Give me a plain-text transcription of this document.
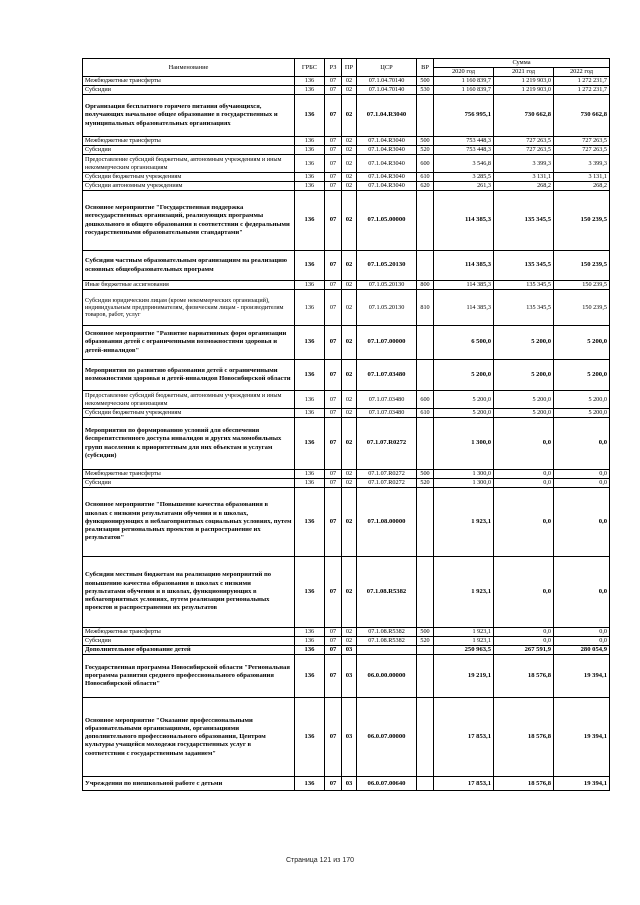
Наименование	ГРБС	РЗ	ПР	ЦСР	ВР	Сумма		
						2020 год	2021 год	2022 год
Межбюджетные трансферты	136	07	02	07.1.04.70140	500	1 160 839,7	1 219 903,0	1 272 231,7
Субсидии	136	07	02	07.1.04.70140	530	1 160 839,7	1 219 903,0	1 272 231,7
Организация бесплатного горячего питания обучающихся, получающих начальное общее образование в государственных и муниципальных образовательных организациях	136	07	02	07.1.04.R3040		756 995,1	730 662,8	730 662,8
Межбюджетные трансферты	136	07	02	07.1.04.R3040	500	753 448,3	727 263,5	727 263,5
Субсидии	136	07	02	07.1.04.R3040	520	753 448,3	727 263,5	727 263,5
Предоставление субсидий бюджетным, автономным учреждениям и иным некоммерческим организациям	136	07	02	07.1.04.R3040	600	3 546,8	3 399,3	3 399,3
Субсидии бюджетным учреждениям	136	07	02	07.1.04.R3040	610	3 285,5	3 131,1	3 131,1
Субсидии автономным учреждениям	136	07	02	07.1.04.R3040	620	261,3	268,2	268,2
Основное мероприятие "Государственная поддержка негосударственных организаций, реализующих программы дошкольного и общего образования в соответствии с федеральными государственными образовательными стандартами"	136	07	02	07.1.05.00000		114 385,3	135 345,5	150 239,5
Субсидии частным образовательным организациям на реализацию основных общеобразовательных программ	136	07	02	07.1.05.20130		114 385,3	135 345,5	150 239,5
Иные бюджетные ассигнования	136	07	02	07.1.05.20130	800	114 385,3	135 345,5	150 239,5
Субсидии юридическим лицам (кроме некоммерческих организаций), индивидуальным предпринимателям, физическим лицам - производителям товаров, работ, услуг	136	07	02	07.1.05.20130	810	114 385,3	135 345,5	150 239,5
Основное мероприятие "Развитие вариативных форм организации образования детей с ограниченными возможностями здоровья и детей-инвалидов"	136	07	02	07.1.07.00000		6 500,0	5 200,0	5 200,0
Мероприятия по развитию образования детей с ограниченными возможностями здоровья и детей-инвалидов Новосибирской области	136	07	02	07.1.07.03480		5 200,0	5 200,0	5 200,0
Предоставление субсидий бюджетным, автономным учреждениям и иным некоммерческим организациям	136	07	02	07.1.07.03480	600	5 200,0	5 200,0	5 200,0
Субсидии бюджетным учреждениям	136	07	02	07.1.07.03480	610	5 200,0	5 200,0	5 200,0
Мероприятия по формированию условий для обеспечения беспрепятственного доступа инвалидов и других маломобильных групп населения к приоритетным для них объектам и услугам (субсидии)	136	07	02	07.1.07.R0272		1 300,0	0,0	0,0
Межбюджетные трансферты	136	07	02	07.1.07.R0272	500	1 300,0	0,0	0,0
Субсидии	136	07	02	07.1.07.R0272	520	1 300,0	0,0	0,0
Основное мероприятие "Повышение качества образования в школах с низкими результатами обучения и в школах, функционирующих в неблагоприятных социальных условиях, путем реализации региональных проектов и распространение их результатов"	136	07	02	07.1.08.00000		1 923,1	0,0	0,0
Субсидии местным бюджетам на реализацию мероприятий по повышению качества образования в школах с низкими результатами обучения и в школах, функционирующих в неблагоприятных условиях, путем реализации региональных проектов и распространения их результатов	136	07	02	07.1.08.R5382		1 923,1	0,0	0,0
Межбюджетные трансферты	136	07	02	07.1.08.R5382	500	1 923,1	0,0	0,0
Субсидии	136	07	02	07.1.08.R5382	520	1 923,1	0,0	0,0
Дополнительное образование детей	136	07	03			250 963,5	267 591,9	280 054,9
Государственная программа Новосибирской области "Региональная программа развития среднего профессионального образования Новосибирской области"	136	07	03	06.0.00.00000		19 219,1	18 576,8	19 394,1
Основное мероприятие "Оказание профессиональными образовательными организациями, организациями дополнительного профессионального образования, Центром культуры учащейся молодежи государственных услуг в соответствии с государственным заданием"	136	07	03	06.0.07.00000		17 853,1	18 576,8	19 394,1
Учреждения по внешкольной работе с детьми	136	07	03	06.0.07.00640		17 853,1	18 576,8	19 394,1
Страница 121 из 170
